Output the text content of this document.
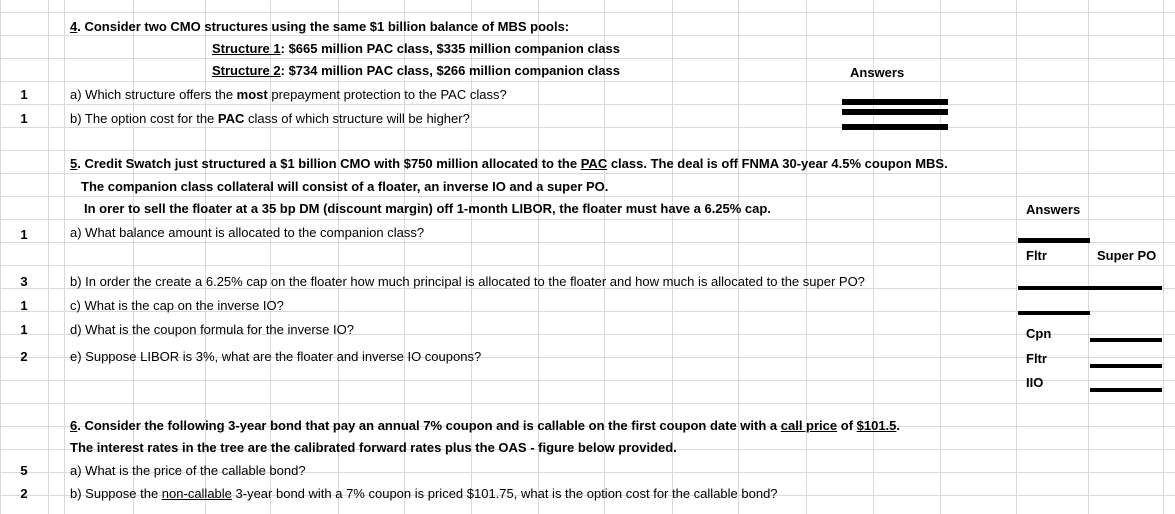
4. Consider two CMO structures using the same $1 billion balance of MBS pools:
Structure 1: $665 million PAC class, $335 million companion class
Structure 2: $734 million PAC class, $266 million companion class	Answers
1	a) Which structure offers the most prepayment protection to the PAC class?
1	b) The option cost for the PAC class of which structure will be higher?
5. Credit Swatch just structured a $1 billion CMO with $750 million allocated to the PAC class. The deal is off FNMA 30-year 4.5% coupon MBS.
The companion class collateral will consist of a floater, an inverse IO and a super PO.
In orer to sell the floater at a 35 bp DM (discount margin) off 1-month LIBOR, the floater must have a 6.25% cap.	Answers
1	a) What balance amount is allocated to the companion class?
Fltr	Super PO
3	b) In order the create a 6.25% cap on the floater how much principal is allocated to the floater and how much is allocated to the super PO?
1	c) What is the cap on the inverse IO?
1	d) What is the coupon formula for the inverse IO?	Cpn
2	e) Suppose LIBOR is 3%, what are the floater and inverse IO coupons?	Fltr
IIO
6. Consider the following 3-year bond that pay an annual 7% coupon and is callable on the first coupon date with a call price of $101.5.
The interest rates in the tree are the calibrated forward rates plus the OAS - figure below provided.
5	a) What is the price of the callable bond?
2	b) Suppose the non-callable 3-year bond with a 7% coupon is priced $101.75, what is the option cost for the callable bond?
